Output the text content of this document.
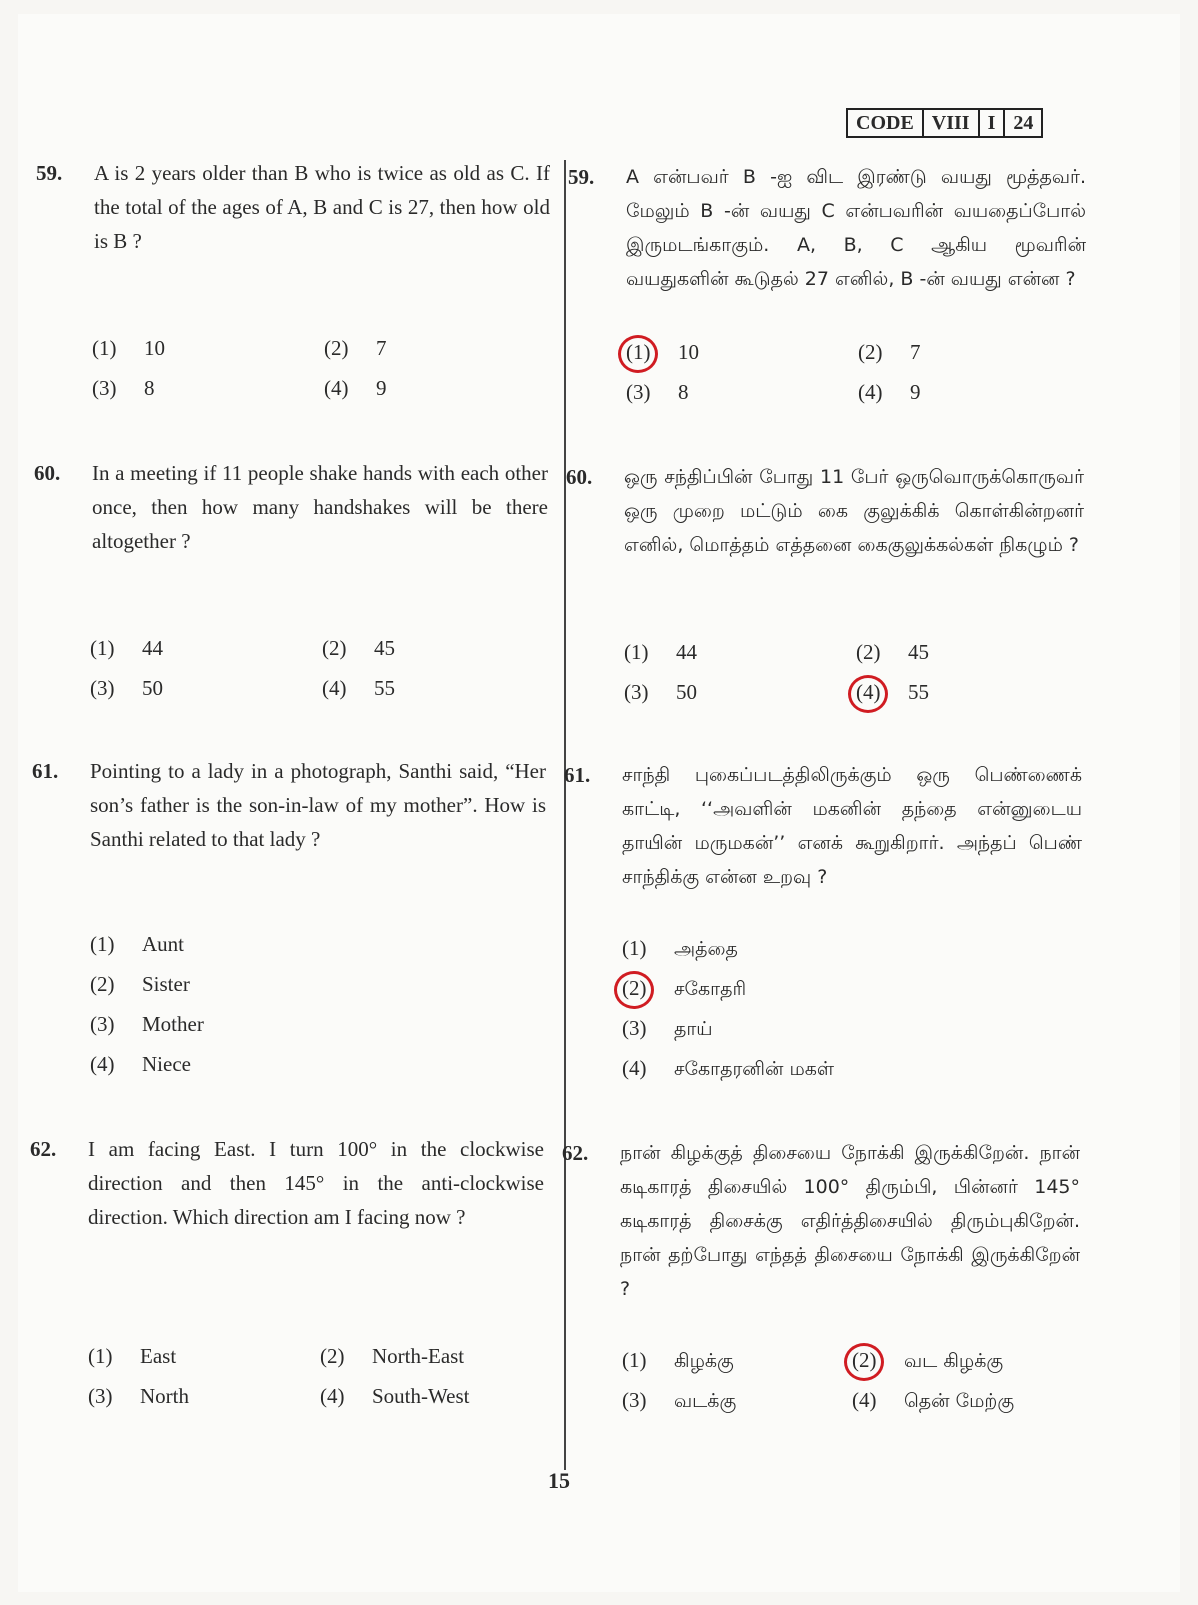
CODE VIII I 24
59. A is 2 years older than B who is twice as old as C. If the total of the ages of A, B and C is 27, then how old is B ?
(1) 10	(2) 7
(3) 8	(4) 9
60. In a meeting if 11 people shake hands with each other once, then how many handshakes will be there altogether ?
(1) 44	(2) 45
(3) 50	(4) 55
61. Pointing to a lady in a photograph, Santhi said, “Her son’s father is the son-in-law of my mother”. How is Santhi related to that lady ?
(1) Aunt
(2) Sister
(3) Mother
(4) Niece
62. I am facing East. I turn 100° in the clockwise direction and then 145° in the anti-clockwise direction. Which direction am I facing now ?
(1) East	(2) North-East
(3) North	(4) South-West
59. A என்பவர் B -ஐ விட இரண்டு வயது மூத்தவர். மேலும் B -ன் வயது C என்பவரின் வயதைப்போல் இருமடங்காகும். A, B, C ஆகிய மூவரின் வயதுகளின் கூடுதல் 27 எனில், B -ன் வயது என்ன ?
(1) 10	(2) 7
(3) 8	(4) 9
60. ஒரு சந்திப்பின் போது 11 பேர் ஒருவொருக்கொருவர் ஒரு முறை மட்டும் கை குலுக்கிக் கொள்கின்றனர் எனில், மொத்தம் எத்தனை கைகுலுக்கல்கள் நிகழும் ?
(1) 44	(2) 45
(3) 50	(4) 55
61. சாந்தி புகைப்படத்திலிருக்கும் ஒரு பெண்ணைக் காட்டி, ‘‘அவளின் மகனின் தந்தை என்னுடைய தாயின் மருமகன்’’ எனக் கூறுகிறார். அந்தப் பெண் சாந்திக்கு என்ன உறவு ?
(1) அத்தை
(2) சகோதரி
(3) தாய்
(4) சகோதரனின் மகள்
62. நான் கிழக்குத் திசையை நோக்கி இருக்கிறேன். நான் கடிகாரத் திசையில் 100° திரும்பி, பின்னர் 145° கடிகாரத் திசைக்கு எதிர்த்திசையில் திரும்புகிறேன். நான் தற்போது எந்தத் திசையை நோக்கி இருக்கிறேன் ?
(1) கிழக்கு	(2) வட கிழக்கு
(3) வடக்கு	(4) தென் மேற்கு
15
